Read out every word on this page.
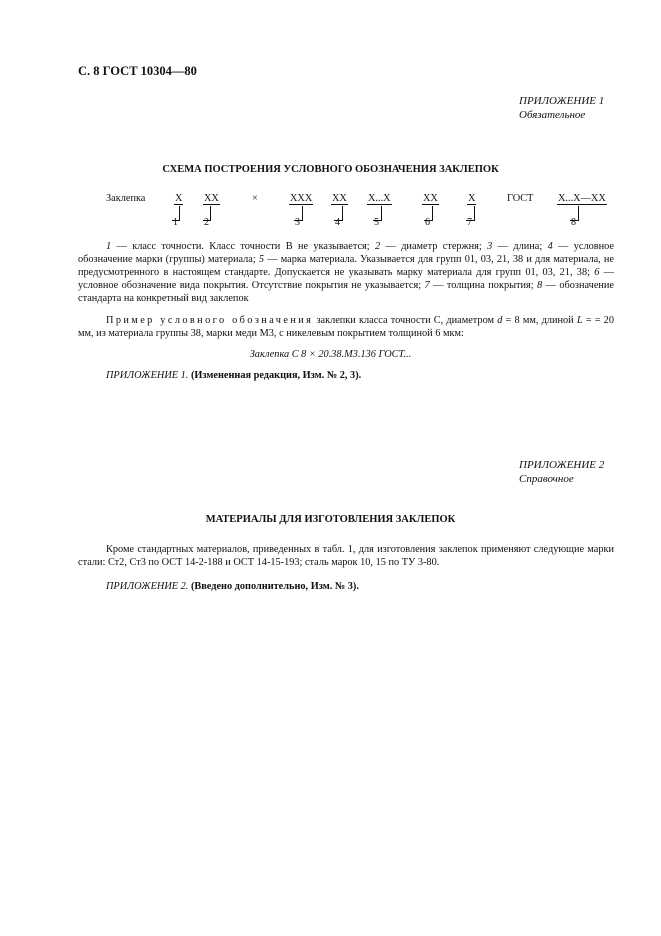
С. 8 ГОСТ 10304—80
ПРИЛОЖЕНИЕ 1
Обязательное
СХЕМА ПОСТРОЕНИЯ УСЛОВНОГО ОБОЗНАЧЕНИЯ ЗАКЛЕПОК
Заклепка	Х ХХ	×	ХХХ ХХ Х...Х	ХХ	Х	ГОСТ Х...Х—ХХ
1	2	3	4	5	6	7	8
1 — класс точности. Класс точности В не указывается; 2 — диаметр стержня; 3 — длина; 4 — условное обозначение марки (группы) материала; 5 — марка материала. Указывается для групп 01, 03, 21, 38 и для материала, не предусмотренного в настоящем стандарте. Допускается не указывать марку материала для групп 01, 03, 21, 38; 6 — условное обозначение вида покрытия. Отсутствие покрытия не указывается; 7 — толщина покрытия; 8 — обозначение стандарта на конкретный вид заклепок
Пример условного обозначения заклепки класса точности С, диаметром d = 8 мм, длиной L = = 20 мм, из материала группы 38, марки меди М3, с никелевым покрытием толщиной 6 мкм:
Заклепка С 8 × 20.38.М3.136 ГОСТ...
ПРИЛОЖЕНИЕ 1. (Измененная редакция, Изм. № 2, 3).
ПРИЛОЖЕНИЕ 2
Справочное
МАТЕРИАЛЫ ДЛЯ ИЗГОТОВЛЕНИЯ ЗАКЛЕПОК
Кроме стандартных материалов, приведенных в табл. 1, для изготовления заклепок применяют следующие марки стали: Ст2, Ст3 по ОСТ 14-2-188 и ОСТ 14-15-193; сталь марок 10, 15 по ТУ 3-80.
ПРИЛОЖЕНИЕ 2. (Введено дополнительно, Изм. № 3).
